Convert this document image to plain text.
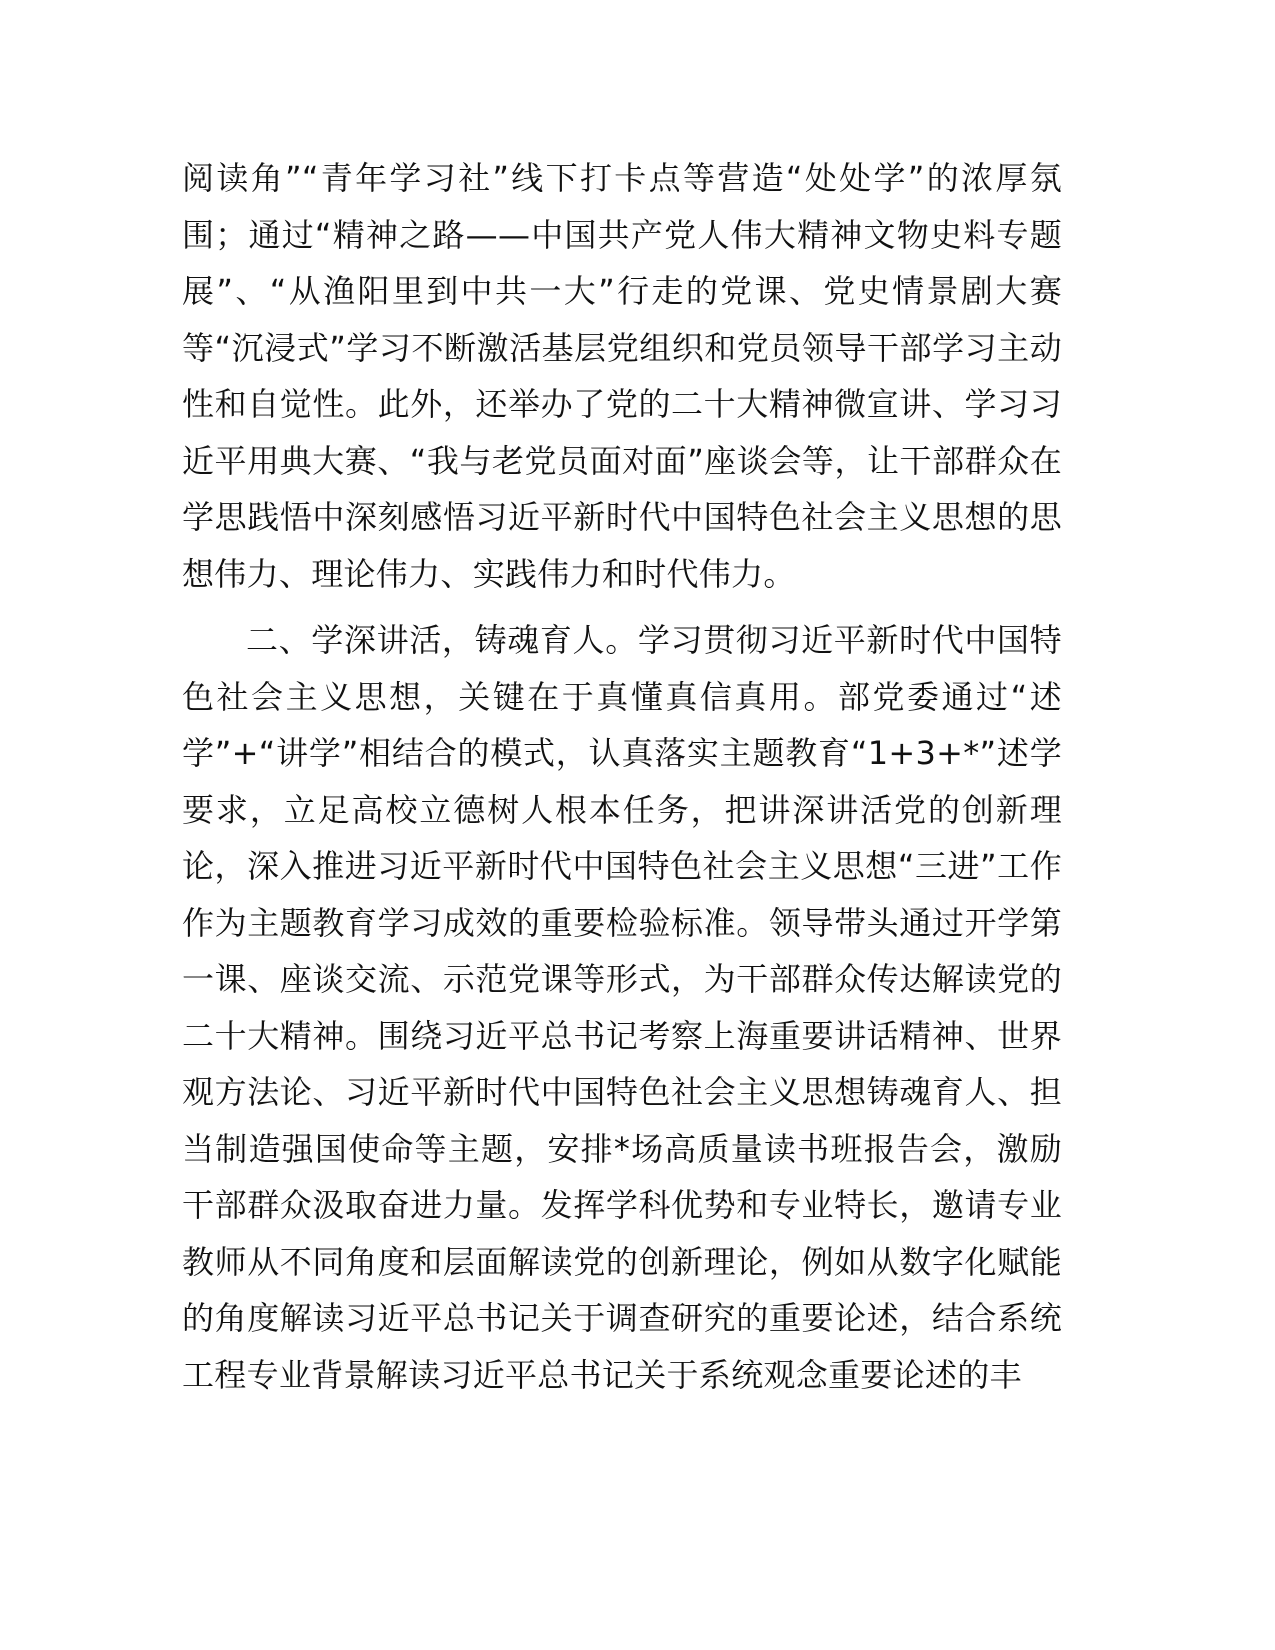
阅读角”“青年学习社”线下打卡点等营造“处处学”的浓厚氛围；通过“精神之路——中国共产党人伟大精神文物史料专题展”、“从渔阳里到中共一大”行走的党课、党史情景剧大赛等“沉浸式”学习不断激活基层党组织和党员领导干部学习主动性和自觉性。此外，还举办了党的二十大精神微宣讲、学习习近平用典大赛、“我与老党员面对面”座谈会等，让干部群众在学思践悟中深刻感悟习近平新时代中国特色社会主义思想的思想伟力、理论伟力、实践伟力和时代伟力。

二、学深讲活，铸魂育人。学习贯彻习近平新时代中国特色社会主义思想，关键在于真懂真信真用。部党委通过“述学”+“讲学”相结合的模式，认真落实主题教育“1+3+*”述学要求，立足高校立德树人根本任务，把讲深讲活党的创新理论，深入推进习近平新时代中国特色社会主义思想“三进”工作作为主题教育学习成效的重要检验标准。领导带头通过开学第一课、座谈交流、示范党课等形式，为干部群众传达解读党的二十大精神。围绕习近平总书记考察上海重要讲话精神、世界观方法论、习近平新时代中国特色社会主义思想铸魂育人、担当制造强国使命等主题，安排*场高质量读书班报告会，激励干部群众汲取奋进力量。发挥学科优势和专业特长，邀请专业教师从不同角度和层面解读党的创新理论，例如从数字化赋能的角度解读习近平总书记关于调查研究的重要论述，结合系统工程专业背景解读习近平总书记关于系统观念重要论述的丰
